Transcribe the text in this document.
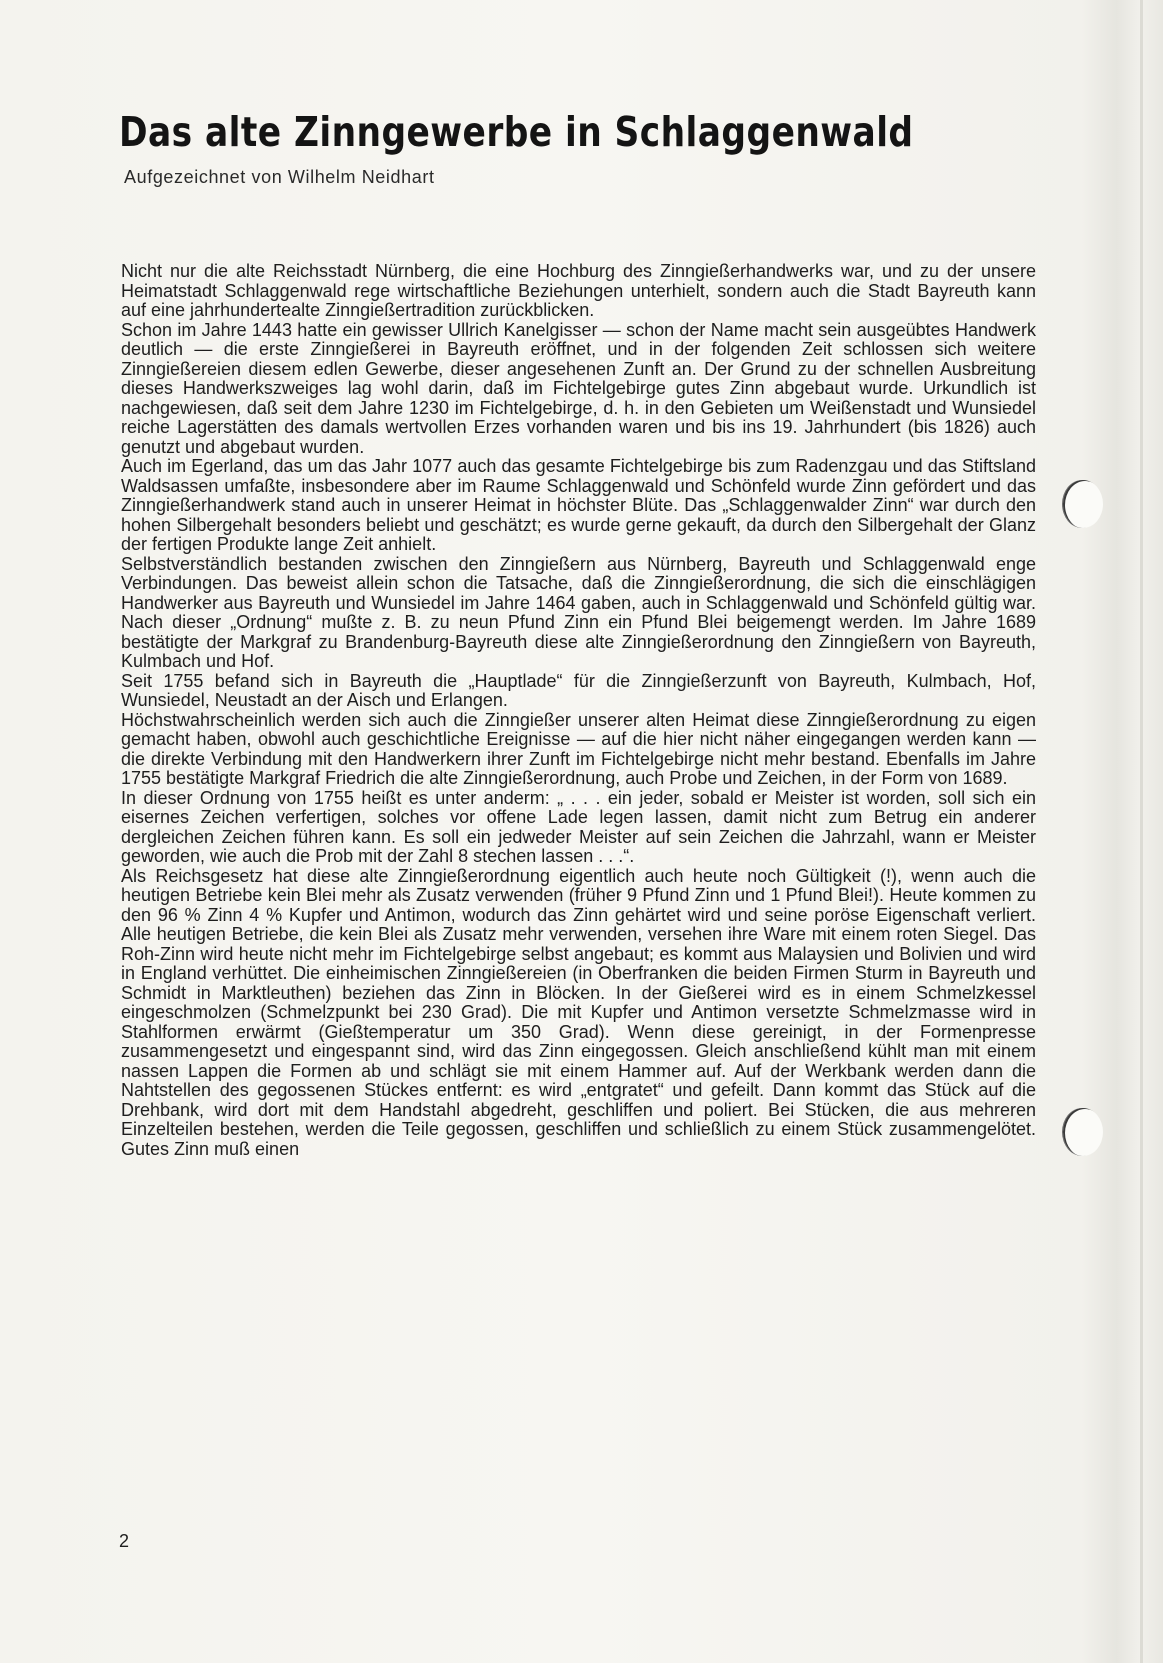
Das alte Zinngewerbe in Schlaggenwald

Aufgezeichnet von Wilhelm Neidhart

Nicht nur die alte Reichsstadt Nürnberg, die eine Hochburg des Zinngießerhandwerks war, und zu der unsere Heimatstadt Schlaggenwald rege wirtschaftliche Beziehungen unterhielt, sondern auch die Stadt Bayreuth kann auf eine jahrhundertealte Zinngießertradition zurückblicken.

Schon im Jahre 1443 hatte ein gewisser Ullrich Kanelgisser — schon der Name macht sein ausgeübtes Handwerk deutlich — die erste Zinngießerei in Bayreuth eröffnet, und in der folgenden Zeit schlossen sich weitere Zinngießereien diesem edlen Gewerbe, dieser angesehenen Zunft an. Der Grund zu der schnellen Ausbreitung dieses Handwerkszweiges lag wohl darin, daß im Fichtelgebirge gutes Zinn abgebaut wurde. Urkundlich ist nachgewiesen, daß seit dem Jahre 1230 im Fichtelgebirge, d. h. in den Gebieten um Weißenstadt und Wunsiedel reiche Lagerstätten des damals wertvollen Erzes vorhanden waren und bis ins 19. Jahrhundert (bis 1826) auch genutzt und abgebaut wurden.

Auch im Egerland, das um das Jahr 1077 auch das gesamte Fichtelgebirge bis zum Radenzgau und das Stiftsland Waldsassen umfaßte, insbesondere aber im Raume Schlaggenwald und Schönfeld wurde Zinn gefördert und das Zinngießerhandwerk stand auch in unserer Heimat in höchster Blüte. Das „Schlaggenwalder Zinn“ war durch den hohen Silbergehalt besonders beliebt und geschätzt; es wurde gerne gekauft, da durch den Silbergehalt der Glanz der fertigen Produkte lange Zeit anhielt.

Selbstverständlich bestanden zwischen den Zinngießern aus Nürnberg, Bayreuth und Schlaggenwald enge Verbindungen. Das beweist allein schon die Tatsache, daß die Zinngießerordnung, die sich die einschlägigen Handwerker aus Bayreuth und Wunsiedel im Jahre 1464 gaben, auch in Schlaggenwald und Schönfeld gültig war. Nach dieser „Ordnung“ mußte z. B. zu neun Pfund Zinn ein Pfund Blei beigemengt werden. Im Jahre 1689 bestätigte der Markgraf zu Brandenburg-Bayreuth diese alte Zinngießerordnung den Zinngießern von Bayreuth, Kulmbach und Hof.

Seit 1755 befand sich in Bayreuth die „Hauptlade“ für die Zinngießerzunft von Bayreuth, Kulmbach, Hof, Wunsiedel, Neustadt an der Aisch und Erlangen.

Höchstwahrscheinlich werden sich auch die Zinngießer unserer alten Heimat diese Zinngießerordnung zu eigen gemacht haben, obwohl auch geschichtliche Ereignisse — auf die hier nicht näher eingegangen werden kann — die direkte Verbindung mit den Handwerkern ihrer Zunft im Fichtelgebirge nicht mehr bestand. Ebenfalls im Jahre 1755 bestätigte Markgraf Friedrich die alte Zinngießerordnung, auch Probe und Zeichen, in der Form von 1689.

In dieser Ordnung von 1755 heißt es unter anderm: „ . . . ein jeder, sobald er Meister ist worden, soll sich ein eisernes Zeichen verfertigen, solches vor offene Lade legen lassen, damit nicht zum Betrug ein anderer dergleichen Zeichen führen kann. Es soll ein jedweder Meister auf sein Zeichen die Jahrzahl, wann er Meister geworden, wie auch die Prob mit der Zahl 8 stechen lassen . . .“.

Als Reichsgesetz hat diese alte Zinngießerordnung eigentlich auch heute noch Gültigkeit (!), wenn auch die heutigen Betriebe kein Blei mehr als Zusatz verwenden (früher 9 Pfund Zinn und 1 Pfund Blei!). Heute kommen zu den 96 % Zinn 4 % Kupfer und Antimon, wodurch das Zinn gehärtet wird und seine poröse Eigenschaft verliert. Alle heutigen Betriebe, die kein Blei als Zusatz mehr verwenden, versehen ihre Ware mit einem roten Siegel. Das Roh-Zinn wird heute nicht mehr im Fichtelgebirge selbst angebaut; es kommt aus Malaysien und Bolivien und wird in England verhüttet. Die einheimischen Zinngießereien (in Oberfranken die beiden Firmen Sturm in Bayreuth und Schmidt in Marktleuthen) beziehen das Zinn in Blöcken. In der Gießerei wird es in einem Schmelzkessel eingeschmolzen (Schmelzpunkt bei 230 Grad). Die mit Kupfer und Antimon versetzte Schmelzmasse wird in Stahlformen erwärmt (Gießtemperatur um 350 Grad). Wenn diese gereinigt, in der Formenpresse zusammengesetzt und eingespannt sind, wird das Zinn eingegossen. Gleich anschließend kühlt man mit einem nassen Lappen die Formen ab und schlägt sie mit einem Hammer auf. Auf der Werkbank werden dann die Nahtstellen des gegossenen Stückes entfernt: es wird „entgratet“ und gefeilt. Dann kommt das Stück auf die Drehbank, wird dort mit dem Handstahl abgedreht, geschliffen und poliert. Bei Stücken, die aus mehreren Einzelteilen bestehen, werden die Teile gegossen, geschliffen und schließlich zu einem Stück zusammengelötet. Gutes Zinn muß einen

2
